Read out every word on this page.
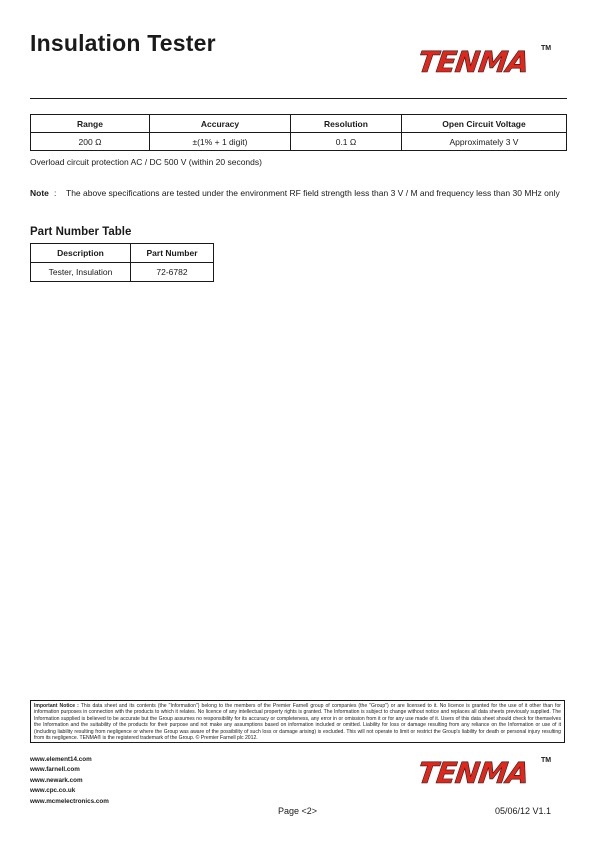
Insulation Tester
TENMA TM
Range	Accuracy	Resolution	Open Circuit Voltage
200 Ω	±(1% + 1 digit)	0.1 Ω	Approximately 3 V
Overload circuit protection AC / DC 500 V (within 20 seconds)
Note : The above specifications are tested under the environment RF field strength less than 3 V / M and frequency less than 30 MHz only
Part Number Table
Description	Part Number
Tester, Insulation	72-6782
Important Notice : This data sheet and its contents (the "Information") belong to the members of the Premier Farnell group of companies (the "Group") or are licensed to it. No licence is granted for the use of it other than for information purposes in connection with the products to which it relates. No licence of any intellectual property rights is granted. The Information is subject to change without notice and replaces all data sheets previously supplied. The Information supplied is believed to be accurate but the Group assumes no responsibility for its accuracy or completeness, any error in or omission from it or for any use made of it. Users of this data sheet should check for themselves the Information and the suitability of the products for their purpose and not make any assumptions based on information included or omitted. Liability for loss or damage resulting from any reliance on the Information or use of it (including liability resulting from negligence or where the Group was aware of the possibility of such loss or damage arising) is excluded. This will not operate to limit or restrict the Group's liability for death or personal injury resulting from its negligence. TENMA® is the registered trademark of the Group. © Premier Farnell plc 2012.
www.element14.com
www.farnell.com
www.newark.com
www.cpc.co.uk
www.mcmelectronics.com
TENMA TM
Page <2>	05/06/12 V1.1
